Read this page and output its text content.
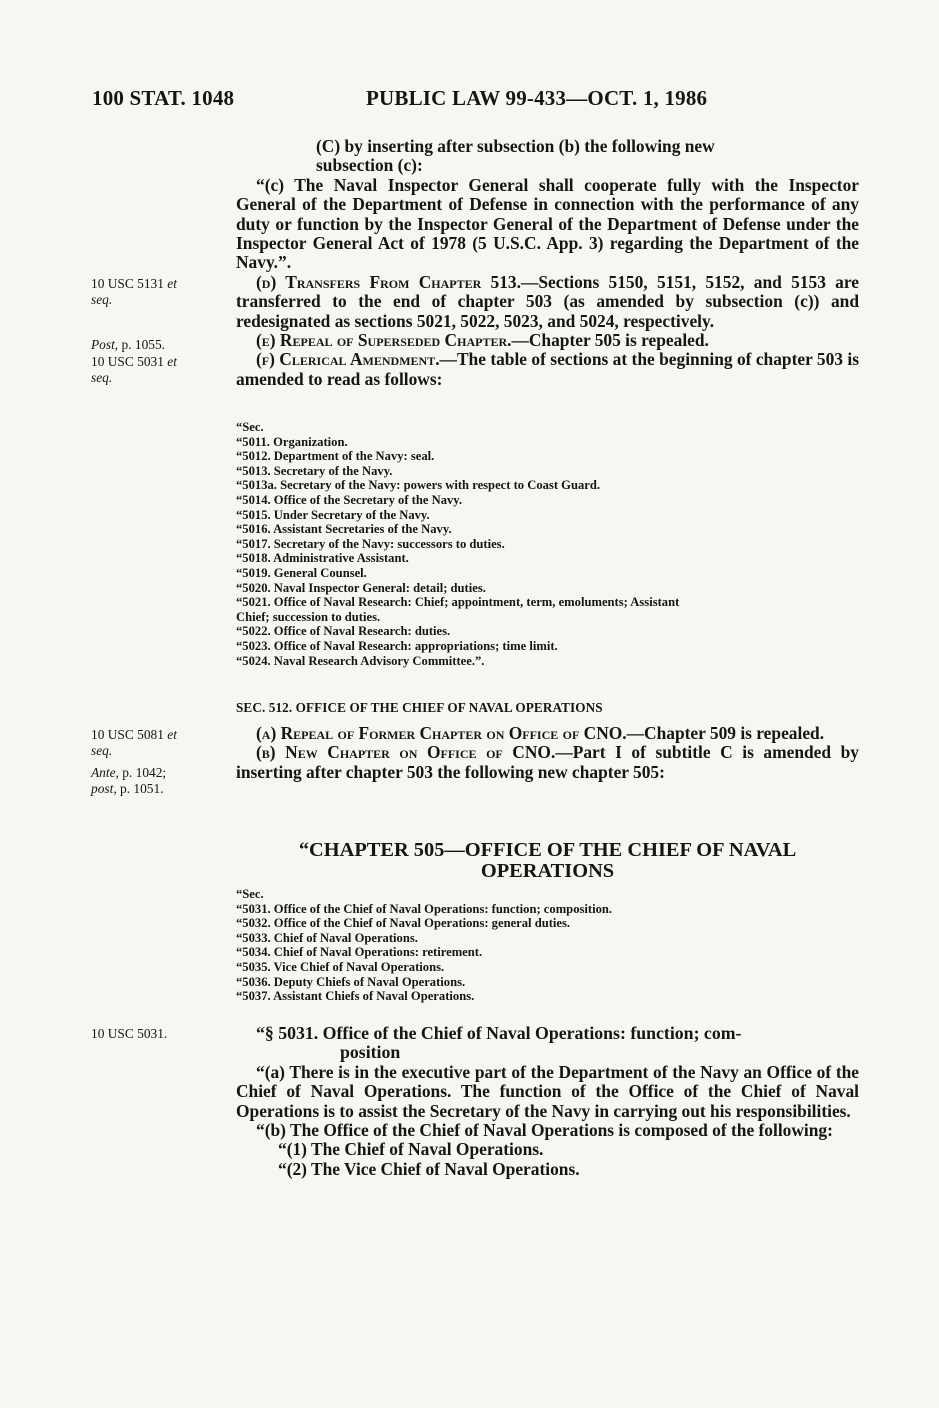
100 STAT. 1048	PUBLIC LAW 99-433—OCT. 1, 1986
10 USC 5131 et
seq.
Post, p. 1055.
10 USC 5031 et
seq.
10 USC 5081 et
seq.
Ante, p. 1042;
post, p. 1051.
10 USC 5031.
(C) by inserting after subsection (b) the following new
subsection (c):

“(c) The Naval Inspector General shall cooperate fully with the Inspector General of the Department of Defense in connection with the performance of any duty or function by the Inspector General of the Department of Defense under the Inspector General Act of 1978 (5 U.S.C. App. 3) regarding the Department of the Navy.”.

(d) Transfers From Chapter 513.—Sections 5150, 5151, 5152, and 5153 are transferred to the end of chapter 503 (as amended by subsection (c)) and redesignated as sections 5021, 5022, 5023, and 5024, respectively.

(e) Repeal of Superseded Chapter.—Chapter 505 is repealed.

(f) Clerical Amendment.—The table of sections at the beginning of chapter 503 is amended to read as follows:

“Sec.
“5011. Organization.
“5012. Department of the Navy: seal.
“5013. Secretary of the Navy.
“5013a. Secretary of the Navy: powers with respect to Coast Guard.
“5014. Office of the Secretary of the Navy.
“5015. Under Secretary of the Navy.
“5016. Assistant Secretaries of the Navy.
“5017. Secretary of the Navy: successors to duties.
“5018. Administrative Assistant.
“5019. General Counsel.
“5020. Naval Inspector General: detail; duties.
“5021. Office of Naval Research: Chief; appointment, term, emoluments; Assistant
Chief; succession to duties.
“5022. Office of Naval Research: duties.
“5023. Office of Naval Research: appropriations; time limit.
“5024. Naval Research Advisory Committee.”.
SEC. 512. OFFICE OF THE CHIEF OF NAVAL OPERATIONS

(a) Repeal of Former Chapter on Office of CNO.—Chapter 509 is repealed.

(b) New Chapter on Office of CNO.—Part I of subtitle C is amended by inserting after chapter 503 the following new chapter 505:

“CHAPTER 505—OFFICE OF THE CHIEF OF NAVAL
OPERATIONS
“Sec.
“5031. Office of the Chief of Naval Operations: function; composition.
“5032. Office of the Chief of Naval Operations: general duties.
“5033. Chief of Naval Operations.
“5034. Chief of Naval Operations: retirement.
“5035. Vice Chief of Naval Operations.
“5036. Deputy Chiefs of Naval Operations.
“5037. Assistant Chiefs of Naval Operations.
“§ 5031. Office of the Chief of Naval Operations: function; com-
position

“(a) There is in the executive part of the Department of the Navy an Office of the Chief of Naval Operations. The function of the Office of the Chief of Naval Operations is to assist the Secretary of the Navy in carrying out his responsibilities.

“(b) The Office of the Chief of Naval Operations is composed of the following:

“(1) The Chief of Naval Operations.

“(2) The Vice Chief of Naval Operations.
